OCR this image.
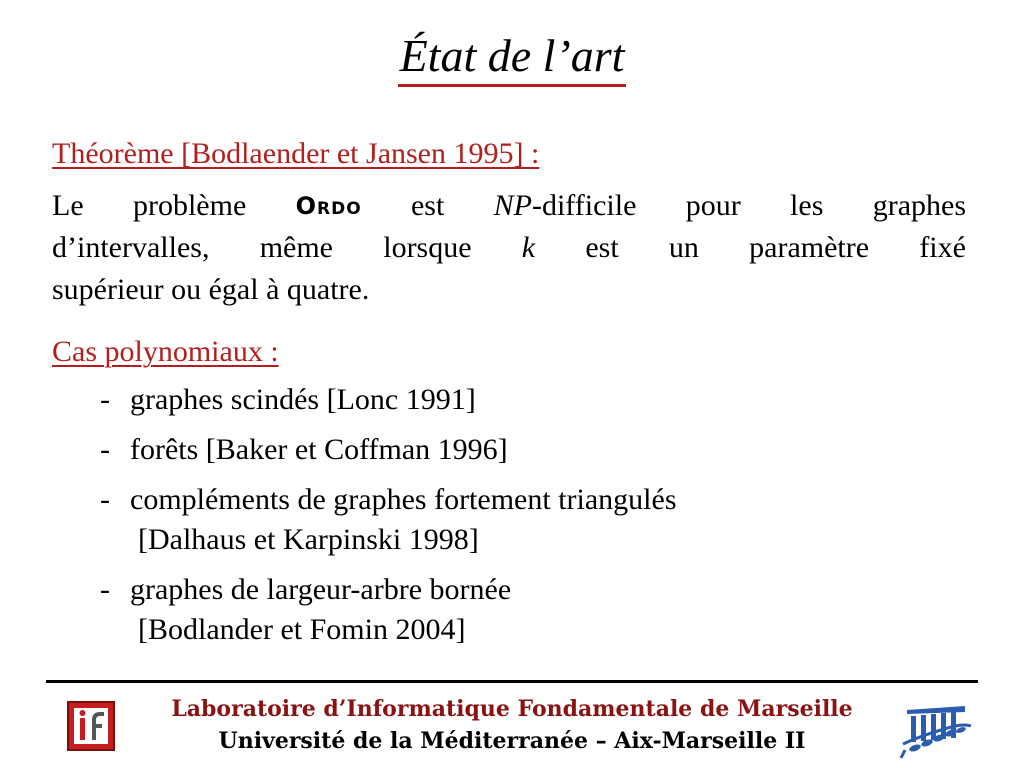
État de l’art
Théorème [Bodlaender et Jansen 1995] :
Le problème Ordo est NP-difficile pour les graphes
d’intervalles, même lorsque k est un paramètre fixé
supérieur ou égal à quatre.
Cas polynomiaux :
- graphes scindés [Lonc 1991]
- forêts [Baker et Coffman 1996]
- compléments de graphes fortement triangulés
[Dalhaus et Karpinski 1998]
- graphes de largeur-arbre bornée
[Bodlander et Fomin 2004]
Laboratoire d’Informatique Fondamentale de Marseille
Université de la Méditerranée – Aix-Marseille II
